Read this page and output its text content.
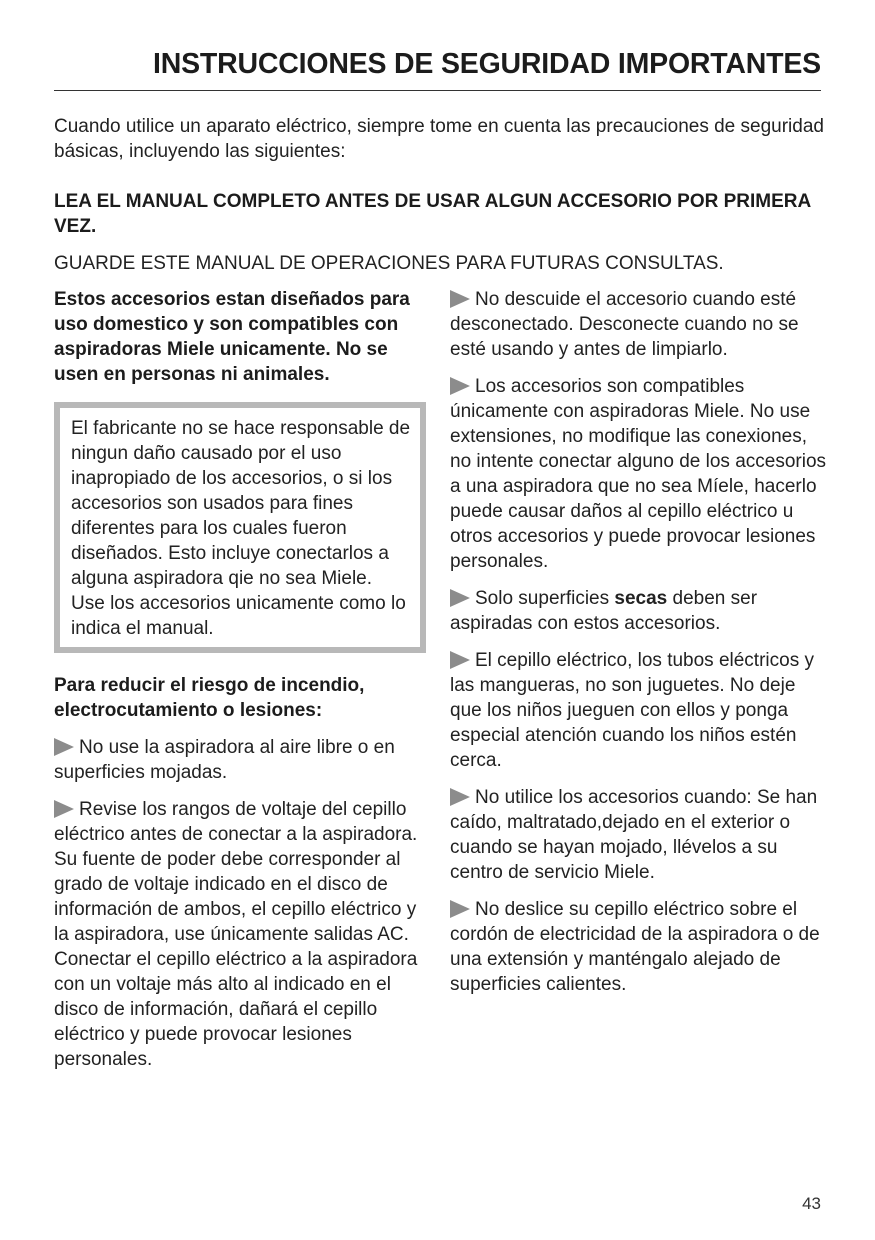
INSTRUCCIONES DE SEGURIDAD IMPORTANTES

Cuando utilice un aparato eléctrico, siempre tome en cuenta las precauciones de seguridad básicas, incluyendo las siguientes:

LEA EL MANUAL COMPLETO ANTES DE USAR ALGUN ACCESORIO POR PRIMERA VEZ.

GUARDE ESTE MANUAL DE OPERACIONES PARA FUTURAS CONSULTAS.

Estos accesorios estan diseñados para uso domestico y son compatibles con aspiradoras Miele unicamente. No se usen en personas ni animales.
El fabricante no se hace responsable de ningun daño causado por el uso inapropiado de los accesorios, o si los accesorios son usados para fines diferentes para los cuales fueron diseñados. Esto incluye conectarlos a alguna aspiradora qie no sea Miele. Use los accesorios unicamente como lo indica el manual.
Para reducir el riesgo de incendio, electrocutamiento o lesiones:
No use la aspiradora al aire libre o en superficies mojadas.
Revise los rangos de voltaje del cepillo eléctrico antes de conectar a la aspiradora. Su fuente de poder debe corresponder al grado de voltaje indicado en el disco de información de ambos, el cepillo eléctrico y la aspiradora, use únicamente salidas AC. Conectar el cepillo eléctrico a la aspiradora con un voltaje más alto al indicado en el disco de información, dañará el cepillo eléctrico y puede provocar lesiones personales.
No descuide el accesorio cuando esté desconectado. Desconecte cuando no se esté usando y antes de limpiarlo.
Los accesorios son compatibles únicamente con aspiradoras Miele. No use extensiones, no modifique las conexiones, no intente conectar alguno de los accesorios a una aspiradora que no sea Míele, hacerlo puede causar daños al cepillo eléctrico u otros accesorios y puede provocar lesiones personales.
Solo superficies secas deben ser aspiradas con estos accesorios.
El cepillo eléctrico, los tubos eléctricos y las mangueras, no son juguetes. No deje que los niños jueguen con ellos y ponga especial atención cuando los niños estén cerca.
No utilice los accesorios cuando: Se han caído, maltratado,dejado en el exterior o cuando se hayan mojado, llévelos a su centro de servicio Miele.
No deslice su cepillo eléctrico sobre el cordón de electricidad de la aspiradora o de una extensión y manténgalo alejado de superficies calientes.
43
